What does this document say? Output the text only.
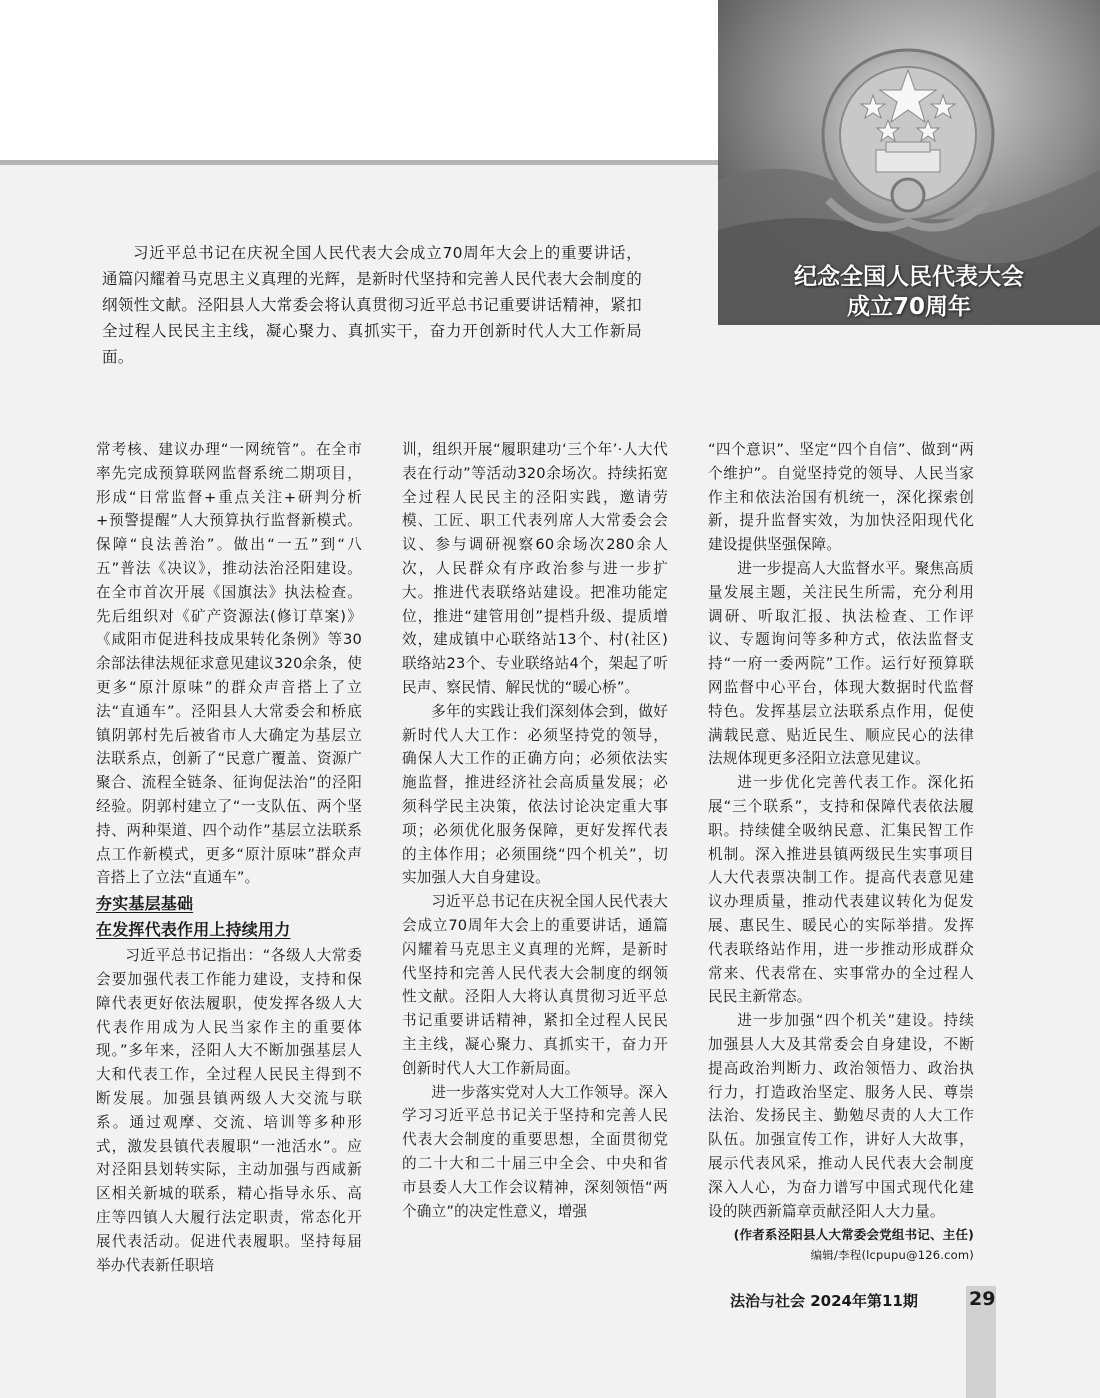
纪念全国人民代表大会
成立70周年
习近平总书记在庆祝全国人民代表大会成立70周年大会上的重要讲话，通篇闪耀着马克思主义真理的光辉，是新时代坚持和完善人民代表大会制度的纲领性文献。泾阳县人大常委会将认真贯彻习近平总书记重要讲话精神，紧扣全过程人民民主主线，凝心聚力、真抓实干，奋力开创新时代人大工作新局面。

常考核、建议办理“一网统管”。在全市率先完成预算联网监督系统二期项目，形成“日常监督+重点关注+研判分析+预警提醒”人大预算执行监督新模式。保障“良法善治”。做出“一五”到“八五”普法《决议》，推动法治泾阳建设。在全市首次开展《国旗法》执法检查。先后组织对《矿产资源法(修订草案)》《咸阳市促进科技成果转化条例》等30余部法律法规征求意见建议320余条，使更多“原汁原味”的群众声音搭上了立法“直通车”。泾阳县人大常委会和桥底镇阴郭村先后被省市人大确定为基层立法联系点，创新了“民意广覆盖、资源广聚合、流程全链条、征询促法治”的泾阳经验。阴郭村建立了“一支队伍、两个坚持、两种渠道、四个动作”基层立法联系点工作新模式，更多“原汁原味”群众声音搭上了立法“直通车”。

夯实基层基础
在发挥代表作用上持续用力

习近平总书记指出：“各级人大常委会要加强代表工作能力建设，支持和保障代表更好依法履职，使发挥各级人大代表作用成为人民当家作主的重要体现。”多年来，泾阳人大不断加强基层人大和代表工作，全过程人民民主得到不断发展。加强县镇两级人大交流与联系。通过观摩、交流、培训等多种形式，激发县镇代表履职“一池活水”。应对泾阳县划转实际，主动加强与西咸新区相关新城的联系，精心指导永乐、高庄等四镇人大履行法定职责，常态化开展代表活动。促进代表履职。坚持每届举办代表新任职培

训，组织开展“履职建功‘三个年’·人大代表在行动”等活动320余场次。持续拓宽全过程人民民主的泾阳实践，邀请劳模、工匠、职工代表列席人大常委会会议、参与调研视察60余场次280余人次，人民群众有序政治参与进一步扩大。推进代表联络站建设。把准功能定位，推进“建管用创”提档升级、提质增效，建成镇中心联络站13个、村(社区)联络站23个、专业联络站4个，架起了听民声、察民情、解民忧的“暖心桥”。

多年的实践让我们深刻体会到，做好新时代人大工作：必须坚持党的领导，确保人大工作的正确方向；必须依法实施监督，推进经济社会高质量发展；必须科学民主决策，依法讨论决定重大事项；必须优化服务保障，更好发挥代表的主体作用；必须围绕“四个机关”，切实加强人大自身建设。

习近平总书记在庆祝全国人民代表大会成立70周年大会上的重要讲话，通篇闪耀着马克思主义真理的光辉，是新时代坚持和完善人民代表大会制度的纲领性文献。泾阳人大将认真贯彻习近平总书记重要讲话精神，紧扣全过程人民民主主线，凝心聚力、真抓实干，奋力开创新时代人大工作新局面。

进一步落实党对人大工作领导。深入学习习近平总书记关于坚持和完善人民代表大会制度的重要思想，全面贯彻党的二十大和二十届三中全会、中央和省市县委人大工作会议精神，深刻领悟“两个确立”的决定性意义，增强

“四个意识”、坚定“四个自信”、做到“两个维护”。自觉坚持党的领导、人民当家作主和依法治国有机统一，深化探索创新，提升监督实效，为加快泾阳现代化建设提供坚强保障。

进一步提高人大监督水平。聚焦高质量发展主题，关注民生所需，充分利用调研、听取汇报、执法检查、工作评议、专题询问等多种方式，依法监督支持“一府一委两院”工作。运行好预算联网监督中心平台，体现大数据时代监督特色。发挥基层立法联系点作用，促使满载民意、贴近民生、顺应民心的法律法规体现更多泾阳立法意见建议。

进一步优化完善代表工作。深化拓展“三个联系”，支持和保障代表依法履职。持续健全吸纳民意、汇集民智工作机制。深入推进县镇两级民生实事项目人大代表票决制工作。提高代表意见建议办理质量，推动代表建议转化为促发展、惠民生、暖民心的实际举措。发挥代表联络站作用，进一步推动形成群众常来、代表常在、实事常办的全过程人民民主新常态。

进一步加强“四个机关”建设。持续加强县人大及其常委会自身建设，不断提高政治判断力、政治领悟力、政治执行力，打造政治坚定、服务人民、尊崇法治、发扬民主、勤勉尽责的人大工作队伍。加强宣传工作，讲好人大故事，展示代表风采，推动人民代表大会制度深入人心，为奋力谱写中国式现代化建设的陕西新篇章贡献泾阳人大力量。

(作者系泾阳县人大常委会党组书记、主任)
编辑/李程(lcpupu@126.com)
法治与社会 2024年第11期	29
